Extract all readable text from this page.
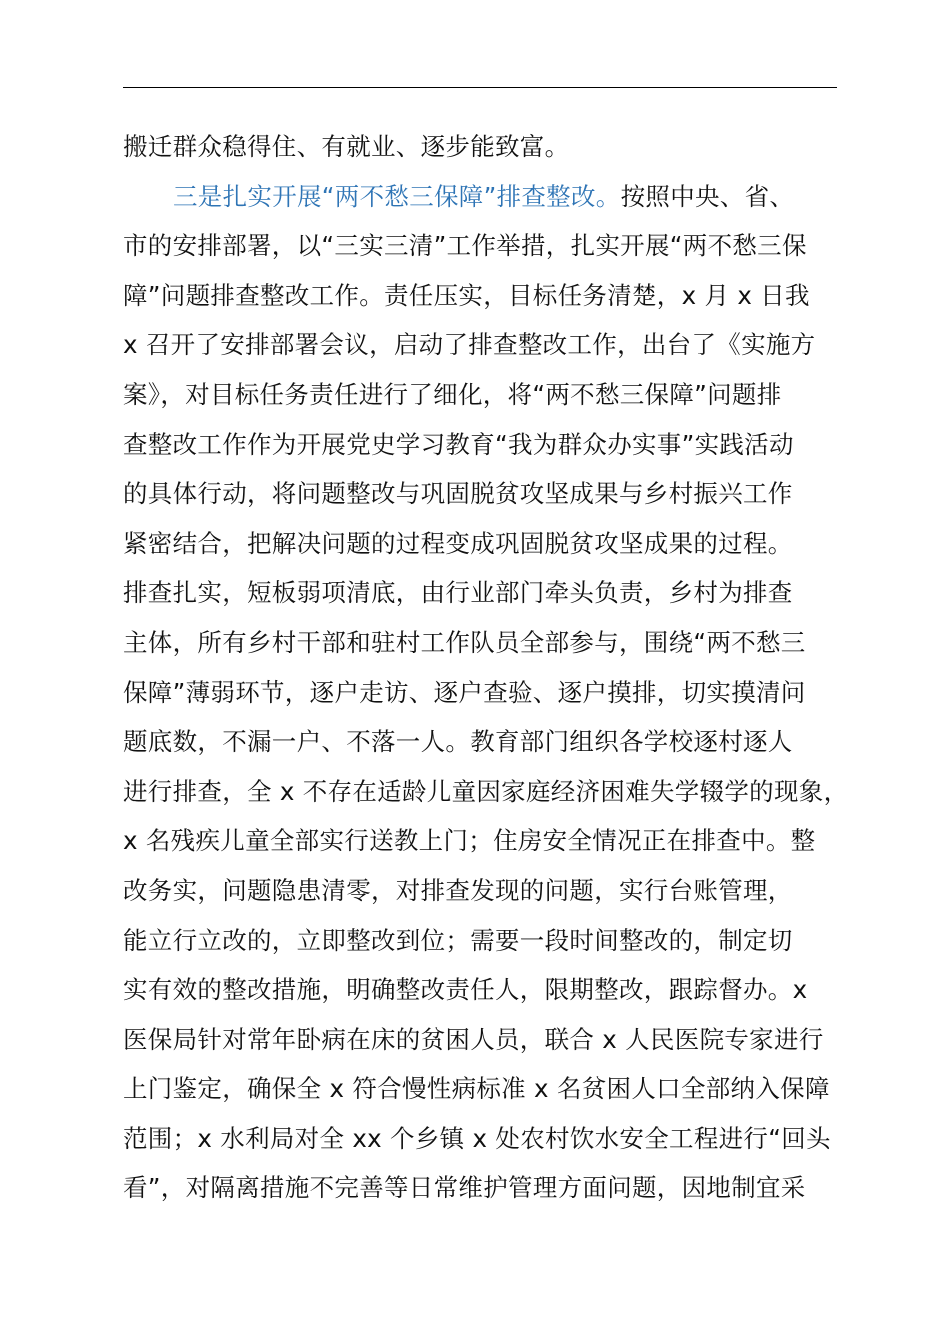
搬迁群众稳得住、有就业、逐步能致富。
三是扎实开展“两不愁三保障”排查整改。按照中央、省、
市的安排部署，以“三实三清”工作举措，扎实开展“两不愁三保
障”问题排查整改工作。责任压实，目标任务清楚，x 月 x 日我
x 召开了安排部署会议，启动了排查整改工作，出台了《实施方
案》，对目标任务责任进行了细化，将“两不愁三保障”问题排
查整改工作作为开展党史学习教育“我为群众办实事”实践活动
的具体行动，将问题整改与巩固脱贫攻坚成果与乡村振兴工作
紧密结合，把解决问题的过程变成巩固脱贫攻坚成果的过程。
排查扎实，短板弱项清底，由行业部门牵头负责，乡村为排查
主体，所有乡村干部和驻村工作队员全部参与，围绕“两不愁三
保障”薄弱环节，逐户走访、逐户查验、逐户摸排，切实摸清问
题底数，不漏一户、不落一人。教育部门组织各学校逐村逐人
进行排查，全 x 不存在适龄儿童因家庭经济困难失学辍学的现象，
x 名残疾儿童全部实行送教上门；住房安全情况正在排查中。整
改务实，问题隐患清零，对排查发现的问题，实行台账管理，
能立行立改的，立即整改到位；需要一段时间整改的，制定切
实有效的整改措施，明确整改责任人，限期整改，跟踪督办。x
医保局针对常年卧病在床的贫困人员，联合 x 人民医院专家进行
上门鉴定，确保全 x 符合慢性病标准 x 名贫困人口全部纳入保障
范围；x 水利局对全 xx 个乡镇 x 处农村饮水安全工程进行“回头
看”，对隔离措施不完善等日常维护管理方面问题，因地制宜采
